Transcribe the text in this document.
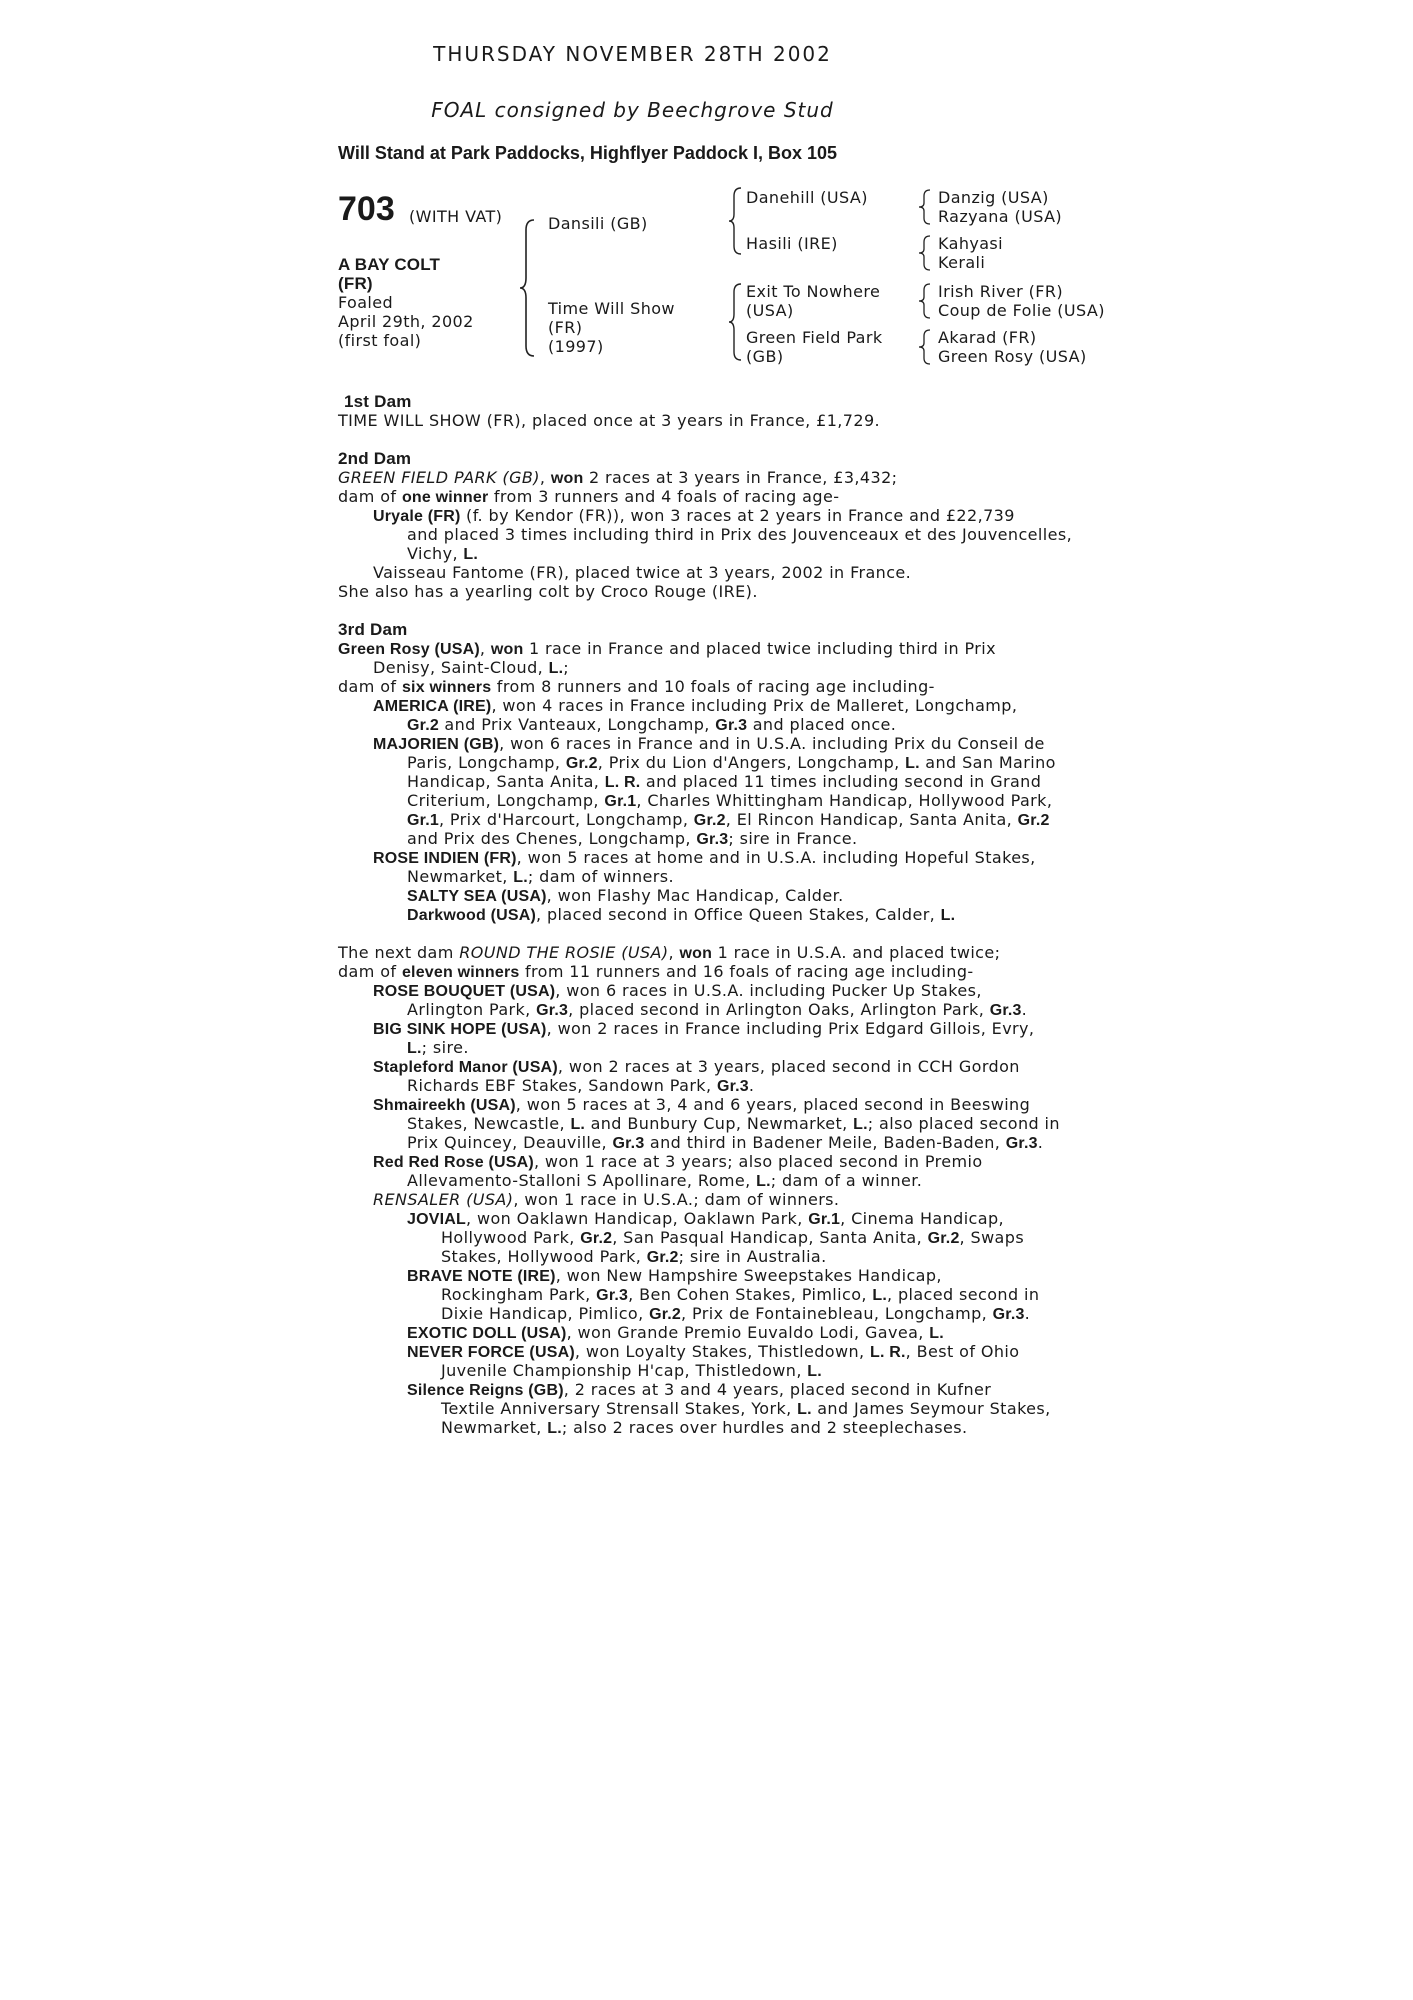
THURSDAY NOVEMBER 28TH 2002
FOAL consigned by Beechgrove Stud
Will Stand at Park Paddocks, Highflyer Paddock I, Box 105
703 (WITH VAT)
A BAY COLT
(FR)
Foaled
April 29th, 2002
(first foal)
Dansili (GB)
Time Will Show
(FR)
(1997)
Danehill (USA)
Hasili (IRE)
Exit To Nowhere
(USA)
Green Field Park
(GB)
Danzig (USA)
Razyana (USA)
Kahyasi
Kerali
Irish River (FR)
Coup de Folie (USA)
Akarad (FR)
Green Rosy (USA)
1st Dam
TIME WILL SHOW (FR), placed once at 3 years in France, £1,729.
2nd Dam
GREEN FIELD PARK (GB), won 2 races at 3 years in France, £3,432;
dam of one winner from 3 runners and 4 foals of racing age-
Uryale (FR) (f. by Kendor (FR)), won 3 races at 2 years in France and £22,739
and placed 3 times including third in Prix des Jouvenceaux et des Jouvencelles,
Vichy, L.
Vaisseau Fantome (FR), placed twice at 3 years, 2002 in France.
She also has a yearling colt by Croco Rouge (IRE).
3rd Dam
Green Rosy (USA), won 1 race in France and placed twice including third in Prix
Denisy, Saint-Cloud, L.;
dam of six winners from 8 runners and 10 foals of racing age including-
AMERICA (IRE), won 4 races in France including Prix de Malleret, Longchamp,
Gr.2 and Prix Vanteaux, Longchamp, Gr.3 and placed once.
MAJORIEN (GB), won 6 races in France and in U.S.A. including Prix du Conseil de
Paris, Longchamp, Gr.2, Prix du Lion d'Angers, Longchamp, L. and San Marino
Handicap, Santa Anita, L. R. and placed 11 times including second in Grand
Criterium, Longchamp, Gr.1, Charles Whittingham Handicap, Hollywood Park,
Gr.1, Prix d'Harcourt, Longchamp, Gr.2, El Rincon Handicap, Santa Anita, Gr.2
and Prix des Chenes, Longchamp, Gr.3; sire in France.
ROSE INDIEN (FR), won 5 races at home and in U.S.A. including Hopeful Stakes,
Newmarket, L.; dam of winners.
SALTY SEA (USA), won Flashy Mac Handicap, Calder.
Darkwood (USA), placed second in Office Queen Stakes, Calder, L.
The next dam ROUND THE ROSIE (USA), won 1 race in U.S.A. and placed twice;
dam of eleven winners from 11 runners and 16 foals of racing age including-
ROSE BOUQUET (USA), won 6 races in U.S.A. including Pucker Up Stakes,
Arlington Park, Gr.3, placed second in Arlington Oaks, Arlington Park, Gr.3.
BIG SINK HOPE (USA), won 2 races in France including Prix Edgard Gillois, Evry,
L.; sire.
Stapleford Manor (USA), won 2 races at 3 years, placed second in CCH Gordon
Richards EBF Stakes, Sandown Park, Gr.3.
Shmaireekh (USA), won 5 races at 3, 4 and 6 years, placed second in Beeswing
Stakes, Newcastle, L. and Bunbury Cup, Newmarket, L.; also placed second in
Prix Quincey, Deauville, Gr.3 and third in Badener Meile, Baden-Baden, Gr.3.
Red Red Rose (USA), won 1 race at 3 years; also placed second in Premio
Allevamento-Stalloni S Apollinare, Rome, L.; dam of a winner.
RENSALER (USA), won 1 race in U.S.A.; dam of winners.
JOVIAL, won Oaklawn Handicap, Oaklawn Park, Gr.1, Cinema Handicap,
Hollywood Park, Gr.2, San Pasqual Handicap, Santa Anita, Gr.2, Swaps
Stakes, Hollywood Park, Gr.2; sire in Australia.
BRAVE NOTE (IRE), won New Hampshire Sweepstakes Handicap,
Rockingham Park, Gr.3, Ben Cohen Stakes, Pimlico, L., placed second in
Dixie Handicap, Pimlico, Gr.2, Prix de Fontainebleau, Longchamp, Gr.3.
EXOTIC DOLL (USA), won Grande Premio Euvaldo Lodi, Gavea, L.
NEVER FORCE (USA), won Loyalty Stakes, Thistledown, L. R., Best of Ohio
Juvenile Championship H'cap, Thistledown, L.
Silence Reigns (GB), 2 races at 3 and 4 years, placed second in Kufner
Textile Anniversary Strensall Stakes, York, L. and James Seymour Stakes,
Newmarket, L.; also 2 races over hurdles and 2 steeplechases.
